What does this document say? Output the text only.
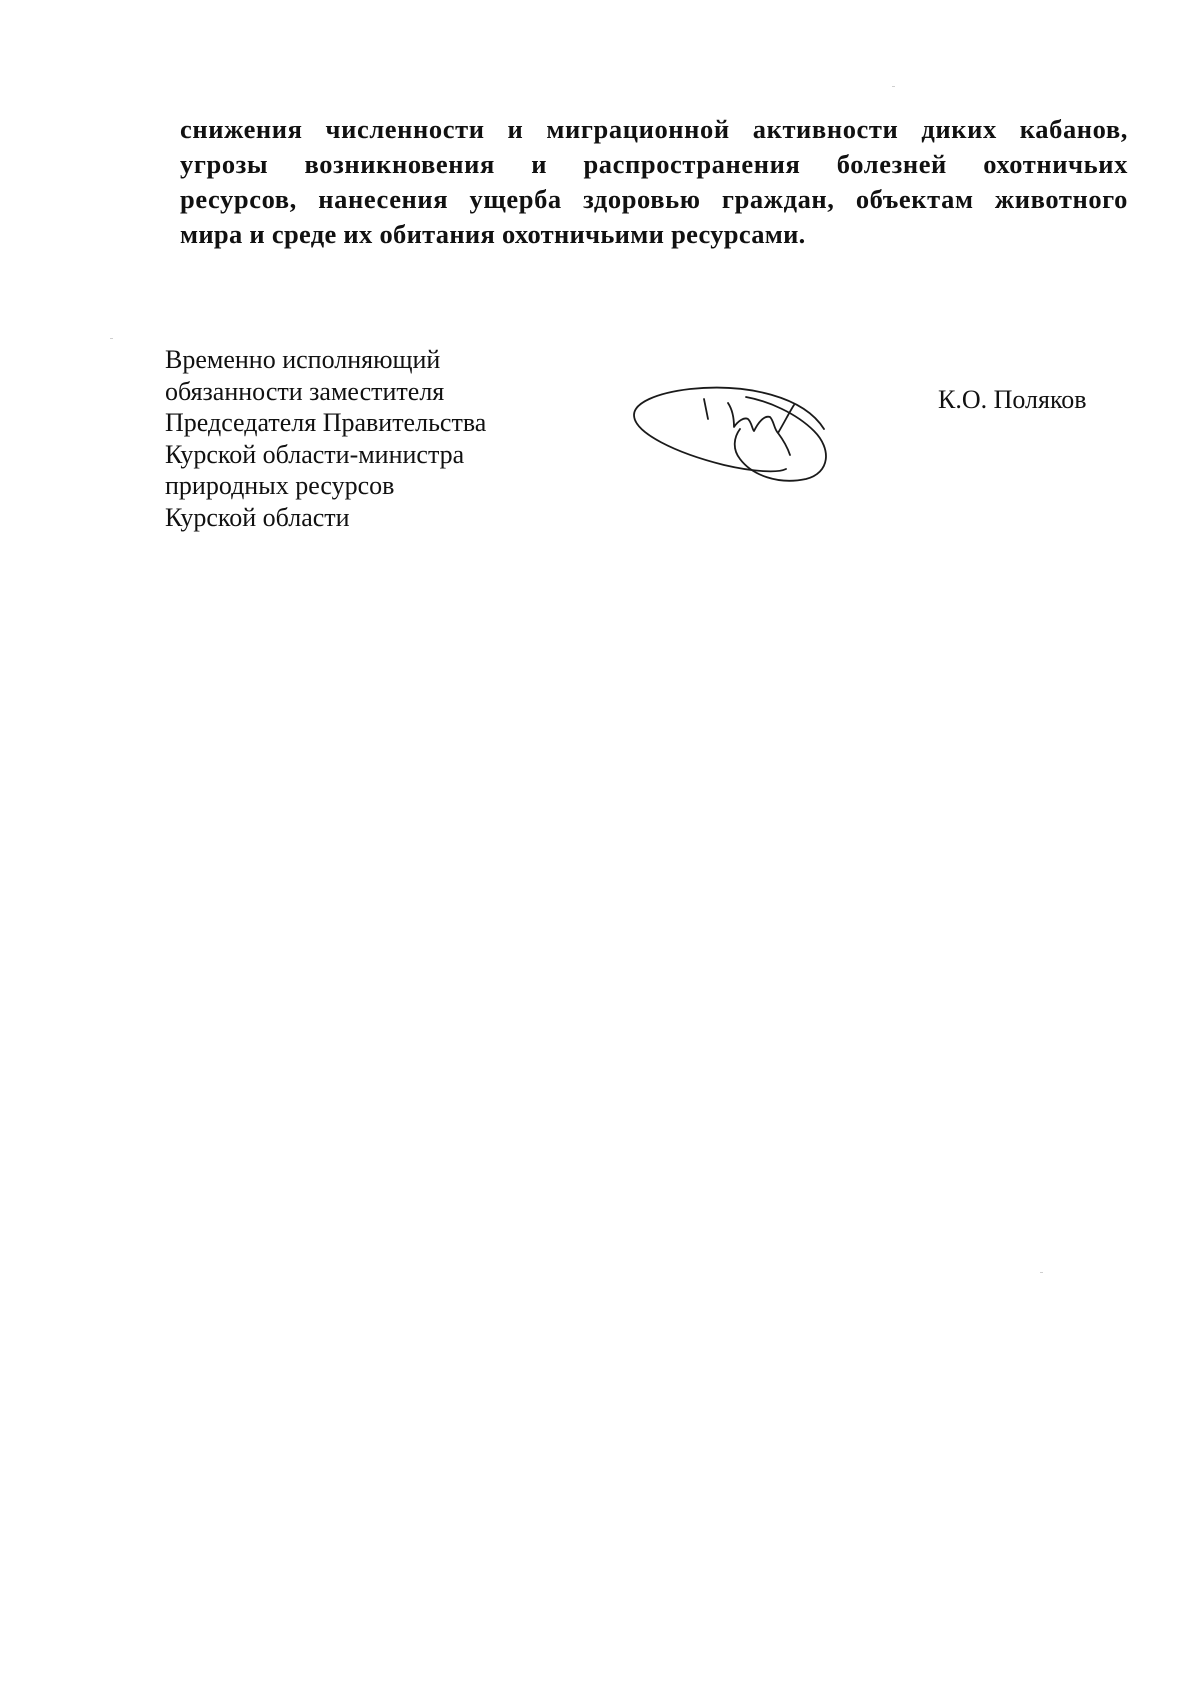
снижения численности и миграционной активности диких кабанов,
угрозы возникновения и распространения болезней охотничьих
ресурсов, нанесения ущерба здоровью граждан, объектам животного
мира и среде их обитания охотничьими ресурсами.
Временно исполняющий
обязанности заместителя
Председателя Правительства
Курской области-министра
природных ресурсов
Курской области
К.О. Поляков
